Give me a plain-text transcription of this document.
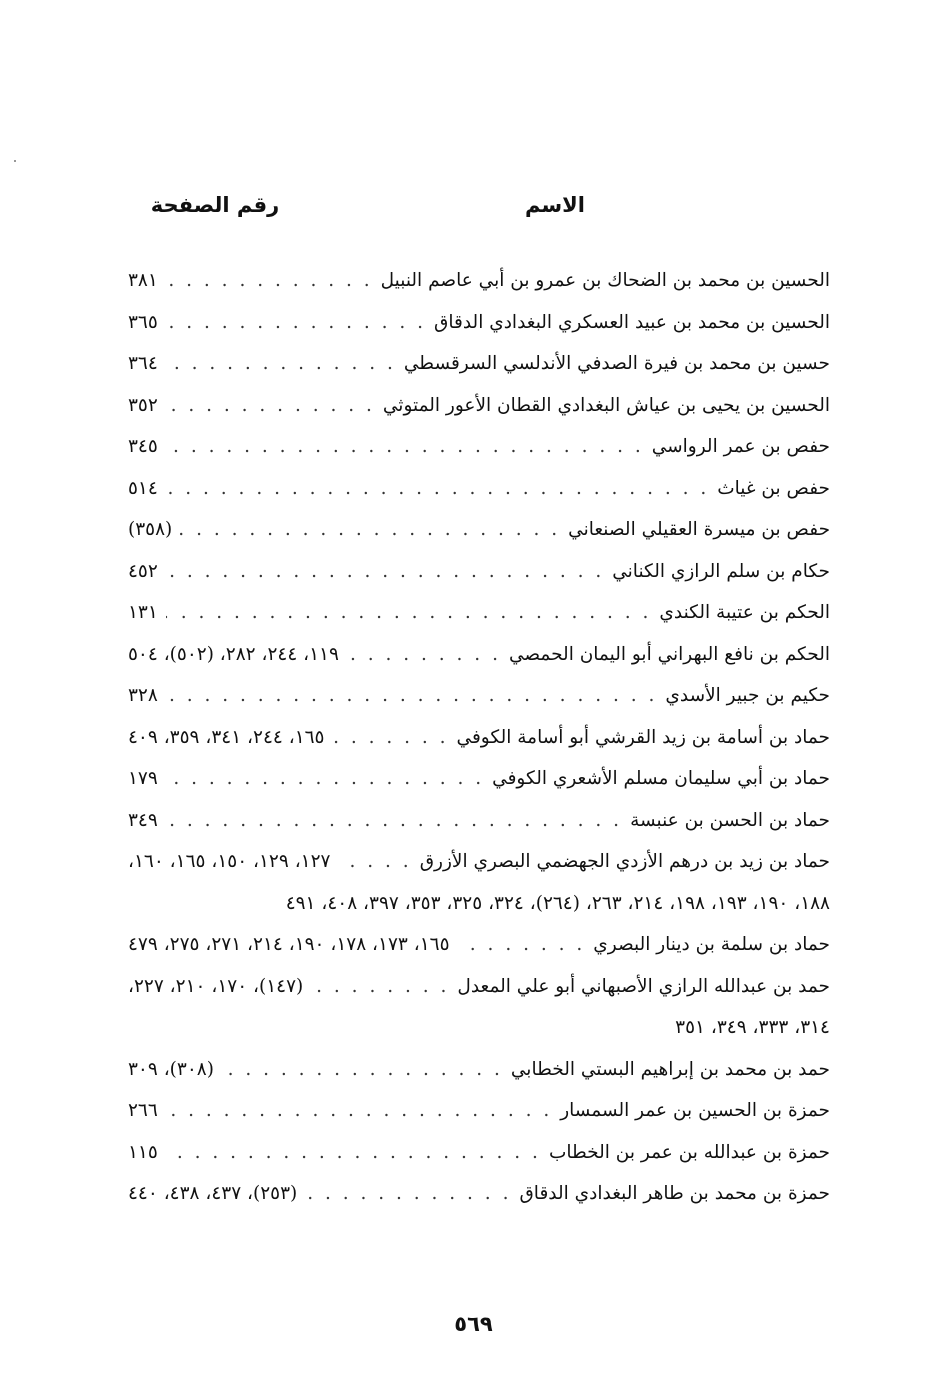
الاسم
رقم الصفحة
الحسين بن محمد بن الضحاك بن عمرو بن أبي عاصم النبيل
. . .
٣٨١
الحسين بن محمد بن عبيد العسكري البغدادي الدقاق
. . .
٣٦٥
حسين بن محمد بن فيرة الصدفي الأندلسي السرقسطي
. . .
٣٦٤
الحسين بن يحيى بن عياش البغدادي القطان الأعور المتوثي
. . .
٣٥٢
حفص بن عمر الرواسي
. . .
٣٤٥
حفص بن غياث
. . .
٥١٤
حفص بن ميسرة العقيلي الصنعاني
. . .
(٣٥٨)
حكام بن سلم الرازي الكناني
. . .
٤٥٢
الحكم بن عتيبة الكندي
. . .
١٣١
الحكم بن نافع البهراني أبو اليمان الحمصي
. . .
١١٩، ٢٤٤، ٢٨٢، (٥٠٢)، ٥٠٤
حكيم بن جبير الأسدي
. . .
٣٢٨
حماد بن أسامة بن زيد القرشي أبو أسامة الكوفي
. . .
١٦٥، ٢٤٤، ٣٤١، ٣٥٩، ٤٠٩
حماد بن أبي سليمان مسلم الأشعري الكوفي
. . .
١٧٩
حماد بن الحسن بن عنبسة
. . .
٣٤٩
حماد بن زيد بن درهم الأزدي الجهضمي البصري الأزرق
. . .
١٢٧، ١٢٩، ١٥٠، ١٦٥، ١٦٠،
١٨٨، ١٩٠، ١٩٣، ١٩٨، ٢١٤، ٢٦٣، (٢٦٤)، ٣٢٤، ٣٢٥، ٣٥٣، ٣٩٧، ٤٠٨، ٤٩١
حماد بن سلمة بن دينار البصري
. . .
١٦٥، ١٧٣، ١٧٨، ١٩٠، ٢١٤، ٢٧١، ٢٧٥، ٤٧٩
حمد بن عبدالله الرازي الأصبهاني أبو علي المعدل
. . .
(١٤٧)، ١٧٠، ٢١٠، ٢٢٧،
٣١٤، ٣٣٣، ٣٤٩، ٣٥١
حمد بن محمد بن إبراهيم البستي الخطابي
. . .
(٣٠٨)، ٣٠٩
حمزة بن الحسين بن عمر السمسار
. . .
٢٦٦
حمزة بن عبدالله بن عمر بن الخطاب
. . .
١١٥
حمزة بن محمد بن طاهر البغدادي الدقاق
. . .
(٢٥٣)، ٤٣٧، ٤٣٨، ٤٤٠
٥٦٩
